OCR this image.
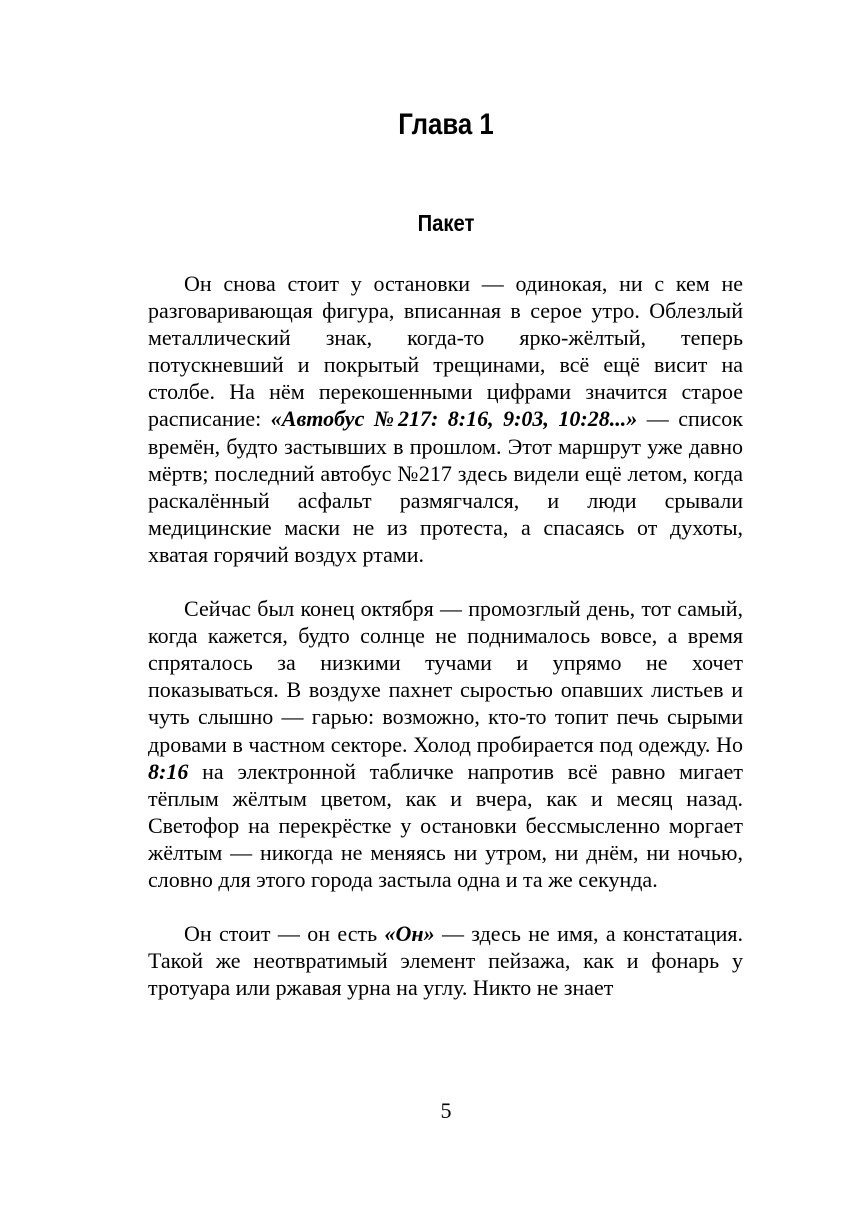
Глава 1
Пакет

Он снова стоит у остановки — одинокая, ни с кем не разговаривающая фигура, вписанная в серое утро. Облезлый металлический знак, когда-то ярко-жёлтый, теперь потускневший и покрытый трещинами, всё ещё висит на столбе. На нём перекошенными цифрами значится старое расписание: «Автобус №217: 8:16, 9:03, 10:28...» — список времён, будто застывших в прошлом. Этот маршрут уже давно мёртв; последний автобус №217 здесь видели ещё летом, когда раскалённый асфальт размягчался, и люди срывали медицинские маски не из протеста, а спасаясь от духоты, хватая горячий воздух ртами.

Сейчас был конец октября — промозглый день, тот самый, когда кажется, будто солнце не поднималось вовсе, а время спряталось за низкими тучами и упрямо не хочет показываться. В воздухе пахнет сыростью опавших листьев и чуть слышно — гарью: возможно, кто-то топит печь сырыми дровами в частном секторе. Холод пробирается под одежду. Но 8:16 на электронной табличке напротив всё равно мигает тёплым жёлтым цветом, как и вчера, как и месяц назад. Светофор на перекрёстке у остановки бессмысленно моргает жёлтым — никогда не меняясь ни утром, ни днём, ни ночью, словно для этого города застыла одна и та же секунда.

Он стоит — он есть «Он» — здесь не имя, а констатация. Такой же неотвратимый элемент пейзажа, как и фонарь у тротуара или ржавая урна на углу. Никто не знает

5
